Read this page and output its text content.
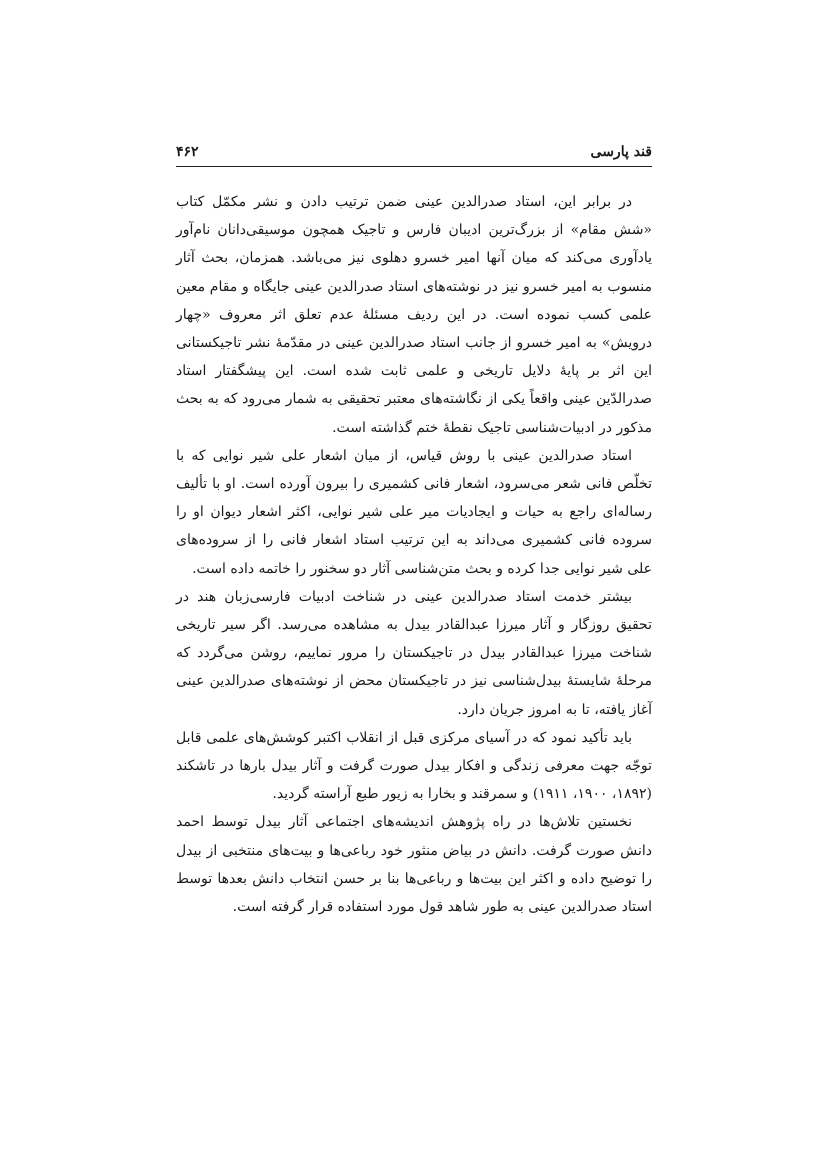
قند پارسی
۴۶۲

در برابر این، استاد صدرالدین عینی ضمن ترتیب دادن و نشر مکمّل کتاب «شش مقام» از بزرگ‌ترین ادیبان فارس و تاجیک همچون موسیقی‌دانان نام‌آور یادآوری می‌کند که میان آنها امیر خسرو دهلوی نیز می‌باشد. همزمان، بحث آثار منسوب به امیر خسرو نیز در نوشته‌های استاد صدرالدین عینی جایگاه و مقام معین علمی کسب نموده است. در این ردیف مسئلهٔ عدم تعلق اثر معروف «چهار درویش» به امیر خسرو از جانب استاد صدرالدین عینی در مقدّمهٔ نشر تاجیکستانی این اثر بر پایهٔ دلایل تاریخی و علمی ثابت شده است. این پیشگفتار استاد صدرالدّین عینی واقعاً یکی از نگاشته‌های معتبر تحقیقی به شمار می‌رود که به بحث مذکور در ادبیات‌شناسی تاجیک نقطهٔ ختم گذاشته است.

استاد صدرالدین عینی با روش قیاس، از میان اشعار علی شیر نوایی که با تخلّص فانی شعر می‌سرود، اشعار فانی کشمیری را بیرون آورده است. او با تألیف رساله‌ای راجع به حیات و ایجادیات میر علی شیر نوایی، اکثر اشعار دیوان او را سروده فانی کشمیری می‌داند به این ترتیب استاد اشعار فانی را از سروده‌های علی شیر نوایی جدا کرده و بحث متن‌شناسی آثار دو سخنور را خاتمه داده است.

بیشتر خدمت استاد صدرالدین عینی در شناخت ادبیات فارسی‌زبان هند در تحقیق روزگار و آثار میرزا عبدالقادر بیدل به مشاهده می‌رسد. اگر سیر تاریخی شناخت میرزا عبدالقادر بیدل در تاجیکستان را مرور نماییم، روشن می‌گردد که مرحلهٔ شایستهٔ بیدل‌شناسی نیز در تاجیکستان محض از نوشته‌های صدرالدین عینی آغاز یافته، تا به امروز جریان دارد.

باید تأکید نمود که در آسیای مرکزی قبل از انقلاب اکتبر کوشش‌های علمی قابل توجّه جهت معرفی زندگی و افکار بیدل صورت گرفت و آثار بیدل بارها در تاشکند (۱۸۹۲، ۱۹۰۰، ۱۹۱۱) و سمرقند و بخارا به زیور طبع آراسته گردید.

نخستین تلاش‌ها در راه پژوهش اندیشه‌های اجتماعی آثار بیدل توسط احمد دانش صورت گرفت. دانش در بیاض منثور خود رباعی‌ها و بیت‌های منتخبی از بیدل را توضیح داده و اکثر این بیت‌ها و رباعی‌ها بنا بر حسن انتخاب دانش بعدها توسط استاد صدرالدین عینی به طور شاهد قول مورد استفاده قرار گرفته است.
